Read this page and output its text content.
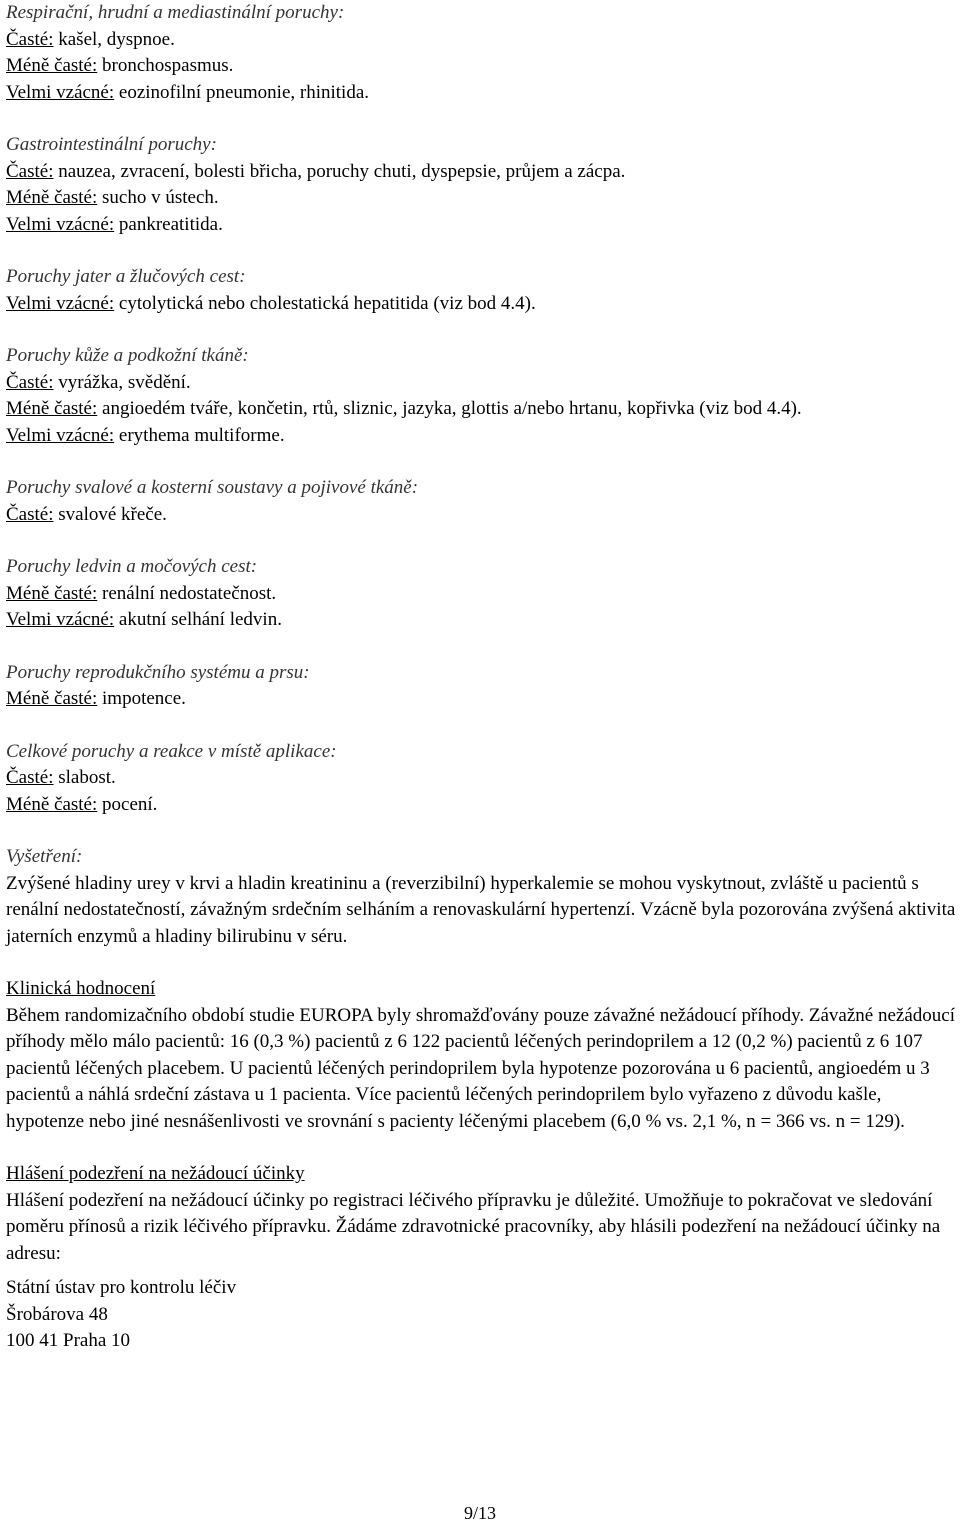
Respirační, hrudní a mediastinální poruchy:

Časté: kašel, dyspnoe.

Méně časté: bronchospasmus.

Velmi vzácné: eozinofilní pneumonie, rhinitida.

Gastrointestinální poruchy:

Časté: nauzea, zvracení, bolesti břicha, poruchy chuti, dyspepsie, průjem a zácpa.

Méně časté: sucho v ústech.

Velmi vzácné: pankreatitida.

Poruchy jater a žlučových cest:

Velmi vzácné: cytolytická nebo cholestatická hepatitida (viz bod 4.4).

Poruchy kůže a podkožní tkáně:

Časté: vyrážka, svědění.

Méně časté: angioedém tváře, končetin, rtů, sliznic, jazyka, glottis a/nebo hrtanu, kopřivka (viz bod 4.4).

Velmi vzácné: erythema multiforme.

Poruchy svalové a kosterní soustavy a pojivové tkáně:

Časté: svalové křeče.

Poruchy ledvin a močových cest:

Méně časté: renální nedostatečnost.

Velmi vzácné: akutní selhání ledvin.

Poruchy reprodukčního systému a prsu:

Méně časté: impotence.

Celkové poruchy a reakce v místě aplikace:

Časté: slabost.

Méně časté: pocení.

Vyšetření:

Zvýšené hladiny urey v krvi a hladin kreatininu a (reverzibilní) hyperkalemie se mohou vyskytnout, zvláště u pacientů s renální nedostatečností, závažným srdečním selháním a renovaskulární hypertenzí. Vzácně byla pozorována zvýšená aktivita jaterních enzymů a hladiny bilirubinu v séru.

Klinická hodnocení

Během randomizačního období studie EUROPA byly shromažďovány pouze závažné nežádoucí příhody. Závažné nežádoucí příhody mělo málo pacientů: 16 (0,3 %) pacientů z 6 122 pacientů léčených perindoprilem a 12 (0,2 %) pacientů z 6 107 pacientů léčených placebem. U pacientů léčených perindoprilem byla hypotenze pozorována u 6 pacientů, angioedém u 3 pacientů a náhlá srdeční zástava u 1 pacienta. Více pacientů léčených perindoprilem bylo vyřazeno z důvodu kašle, hypotenze nebo jiné nesnášenlivosti ve srovnání s pacienty léčenými placebem (6,0 % vs. 2,1 %, n = 366 vs. n = 129).

Hlášení podezření na nežádoucí účinky

Hlášení podezření na nežádoucí účinky po registraci léčivého přípravku je důležité. Umožňuje to pokračovat ve sledování poměru přínosů a rizik léčivého přípravku. Žádáme zdravotnické pracovníky, aby hlásili podezření na nežádoucí účinky na adresu:

Státní ústav pro kontrolu léčiv

Šrobárova 48

100 41 Praha 10

9/13
